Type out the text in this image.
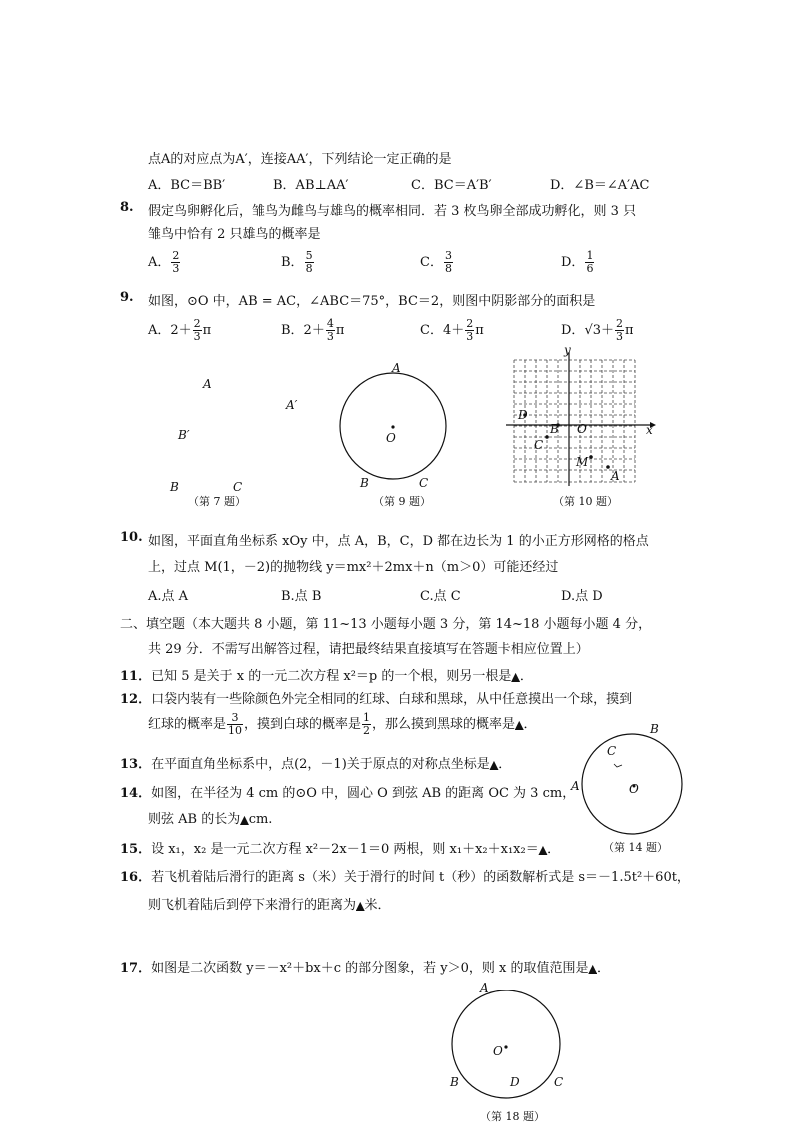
点A的对应点为A′，连接AA′，下列结论一定正确的是
A．BC＝BB′	B．AB⊥AA′	C．BC＝A′B′	D．∠B＝∠A′AC
8. 假定鸟卵孵化后，雏鸟为雌鸟与雄鸟的概率相同．若 3 枚鸟卵全部成功孵化，则 3 只
雏鸟中恰有 2 只雄鸟的概率是
A． $\frac{2}{3}$	B． $\frac{5}{8}$	C． $\frac{3}{8}$	D． $\frac{1}{6}$
9. 如图，⊙O 中，AB = AC，∠ABC＝75°，BC＝2，则图中阴影部分的面积是
A．$2+ \frac{2}{3}$ π	B．$2+ \frac{4}{3}$ π	C．$4+ \frac{2}{3}$ π	D．$√3+ \frac{2}{3}$ π
A
A′
B′
B	C
（第 7 题）
A
O
B	C
（第 9 题）
y
x
D
B O
C
M
A
（第 10 题）
10. 如图，平面直角坐标系 xOy 中，点 A，B，C，D 都在边长为 1 的小正方形网格的格点
上，过点 M(1，－2)的抛物线 y＝mx²＋2mx＋n（m＞0）可能还经过
A.点 A	B.点 B	C.点 C	D.点 D
二、填空题（本大题共 8 小题，第 11~13 小题每小题 3 分，第 14~18 小题每小题 4 分，
共 29 分．不需写出解答过程，请把最终结果直接填写在答题卡相应位置上）
11．已知 5 是关于 x 的一元二次方程 x²＝p 的一个根，则另一根是▲．
12．口袋内装有一些除颜色外完全相同的红球、白球和黑球，从中任意摸出一个球，摸到
红球的概率是 $\frac{3}{10}$ ，摸到白球的概率是 $\frac{1}{2}$ ，那么摸到黑球的概率是▲．
13．在平面直角坐标系中，点(2，－1)关于原点的对称点坐标是▲．
14．如图，在半径为 4 cm 的⊙O 中，圆心 O 到弦 AB 的距离 OC 为 3 cm，
则弦 AB 的长为▲cm.
B
C
A	O
（第 14 题）
15．设 x₁，x₂ 是一元二次方程 x²－2x－1＝0 两根，则 x₁＋x₂＋x₁x₂＝▲．
16．若飞机着陆后滑行的距离 s（米）关于滑行的时间 t（秒）的函数解析式是 s＝－1.5t²＋60t，
则飞机着陆后到停下来滑行的距离为▲米．
17．如图是二次函数 y＝－x²＋bx＋c 的部分图象，若 y＞0，则 x 的取值范围是▲．
A
O
B	D	C
（第 18 题）
